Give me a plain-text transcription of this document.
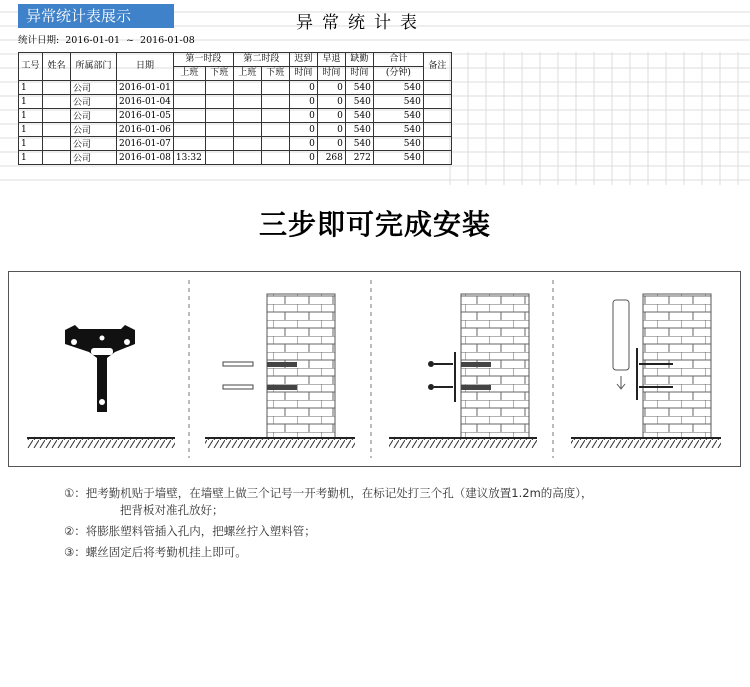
异常统计表展示	异常统计表
统计日期: 2016-01-01 ~ 2016-01-08
工号	姓名	所属部门	日期	第一时段		第二时段		迟到	早退	缺勤	合计	备注
				上班	下班	上班	下班	时间	时间	时间	(分钟)	
1		公司	2016-01-01					0	0	540	540	
1		公司	2016-01-04					0	0	540	540	
1		公司	2016-01-05					0	0	540	540	
1		公司	2016-01-06					0	0	540	540	
1		公司	2016-01-07					0	0	540	540	
1		公司	2016-01-08	13:32				0	268	272	540	
三步即可完成安装
①：把考勤机贴于墙壁，在墙壁上做三个记号一开考勤机，在标记处打三个孔（建议放置1.2m的高度），
把背板对准孔放好；
②：将膨胀塑料管插入孔内，把螺丝拧入塑料管；
③：螺丝固定后将考勤机挂上即可。
